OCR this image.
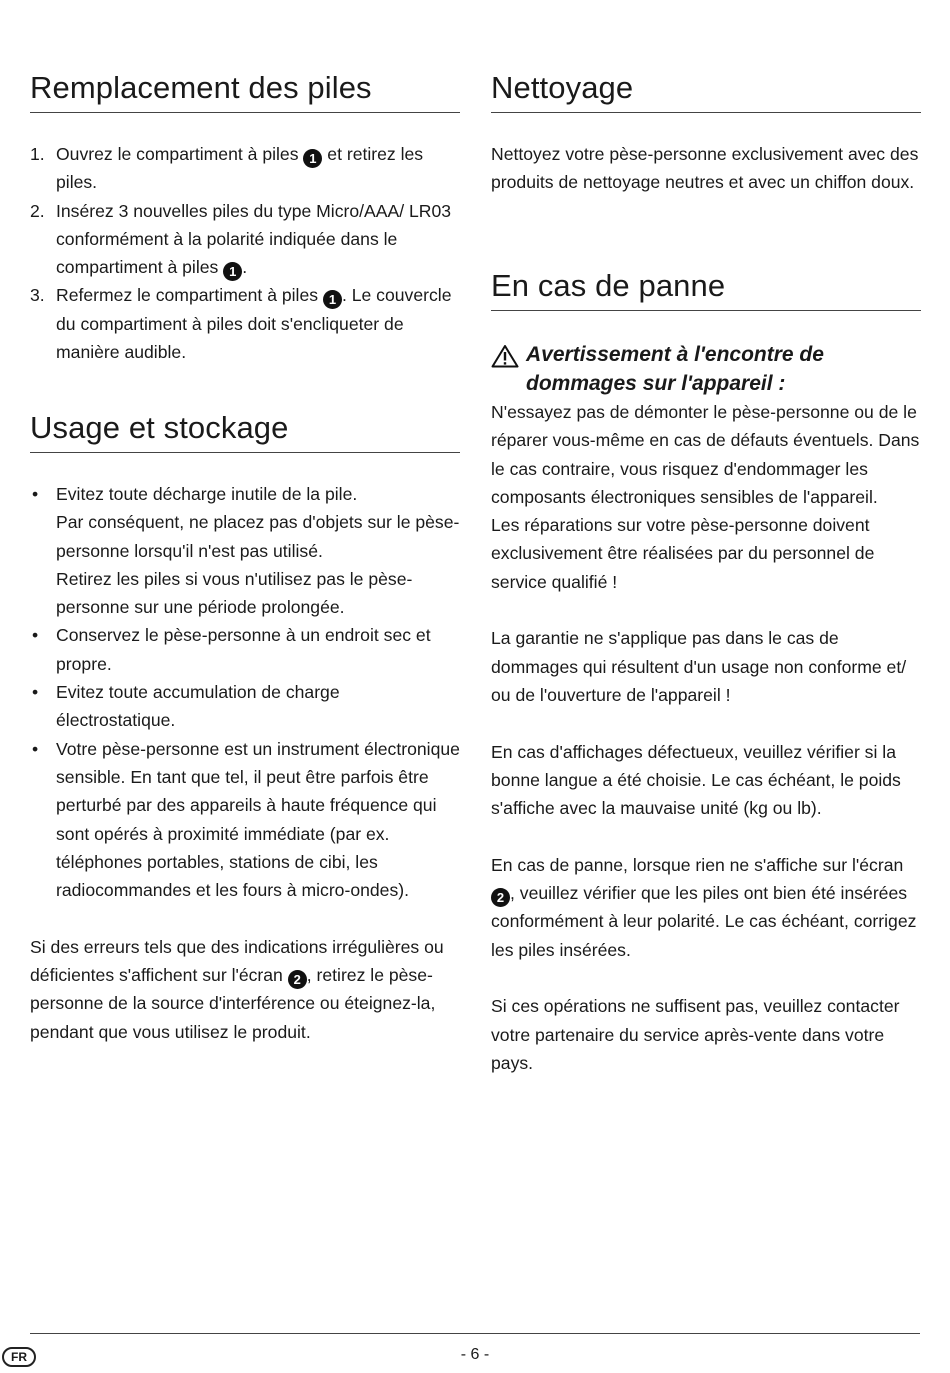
Remplacement des piles
1. Ouvrez le compartiment à piles 1 et retirez les piles.
2. Insérez 3 nouvelles piles du type Micro/AAA/ LR03 conformément à la polarité indiquée dans le compartiment à piles 1 .
3. Refermez le compartiment à piles 1 . Le couvercle du compartiment à piles doit s'encliqueter de manière audible.
Usage et stockage
• Evitez toute décharge inutile de la pile.
Par conséquent, ne placez pas d'objets sur le pèse-personne lorsqu'il n'est pas utilisé.
Retirez les piles si vous n'utilisez pas le pèse-personne sur une période prolongée.
• Conservez le pèse-personne à un endroit sec et propre.
• Evitez toute accumulation de charge électrostatique.
• Votre pèse-personne est un instrument électronique sensible. En tant que tel, il peut être parfois être perturbé par des appareils à haute fréquence qui sont opérés à proximité immédiate (par ex. téléphones portables, stations de cibi, les radiocommandes et les fours à micro-ondes).

Si des erreurs tels que des indications irrégulières ou déficientes s'affichent sur l'écran 2 , retirez le pèse-personne de la source d'interférence ou éteignez-la, pendant que vous utilisez le produit.

Nettoyage

Nettoyez votre pèse-personne exclusivement avec des produits de nettoyage neutres et avec un chiffon doux.

En cas de panne
Avertissement à l'encontre de dommages sur l'appareil :

N'essayez pas de démonter le pèse-personne ou de le réparer vous-même en cas de défauts éventuels. Dans le cas contraire, vous risquez d'endommager les composants électroniques sensibles de l'appareil.

Les réparations sur votre pèse-personne doivent exclusivement être réalisées par du personnel de service qualifié !

La garantie ne s'applique pas dans le cas de dommages qui résultent d'un usage non conforme et/ ou de l'ouverture de l'appareil !

En cas d'affichages défectueux, veuillez vérifier si la bonne langue a été choisie. Le cas échéant, le poids s'affiche avec la mauvaise unité (kg ou lb).

En cas de panne, lorsque rien ne s'affiche sur l'écran 2 , veuillez vérifier que les piles ont bien été insérées conformément à leur polarité. Le cas échéant, corrigez les piles insérées.

Si ces opérations ne suffisent pas, veuillez contacter votre partenaire du service après-vente dans votre pays.

FR	- 6 -
